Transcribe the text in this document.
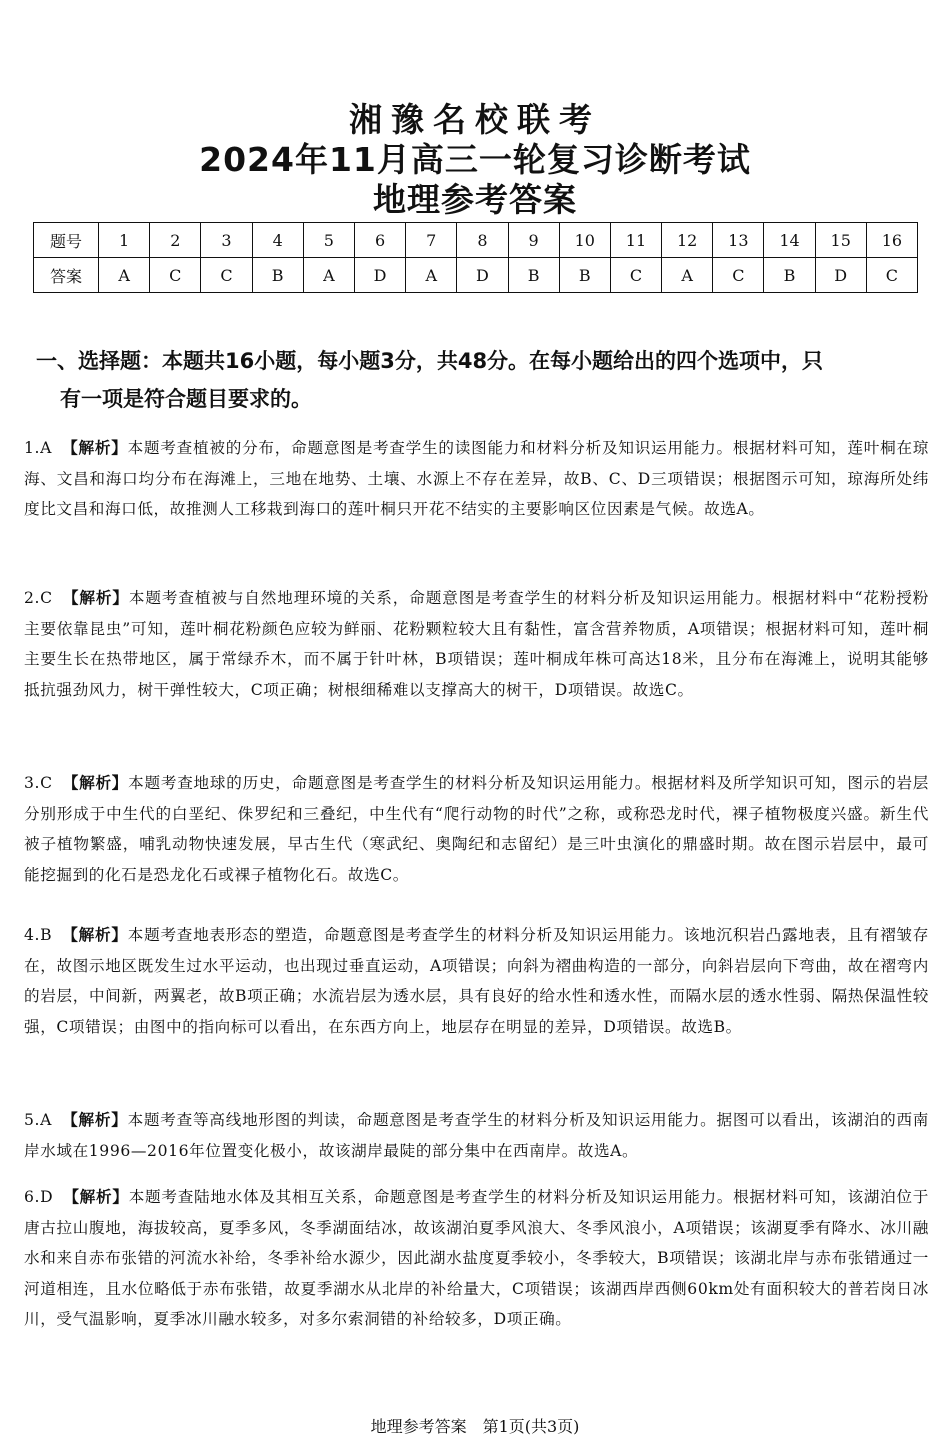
湘豫名校联考
2024年11月高三一轮复习诊断考试
地理参考答案
题号	1	2	3	4	5	6	7	8	9	10	11	12	13	14	15	16
答案	A	C	C	B	A	D	A	D	B	B	C	A	C	B	D	C
一、选择题：本题共16小题，每小题3分，共48分。在每小题给出的四个选项中，只
有一项是符合题目要求的。
1.A 【解析】本题考查植被的分布，命题意图是考查学生的读图能力和材料分析及知识运用能力。根据材料可知，莲叶桐在琼海、文昌和海口均分布在海滩上，三地在地势、土壤、水源上不存在差异，故B、C、D三项错误；根据图示可知，琼海所处纬度比文昌和海口低，故推测人工移栽到海口的莲叶桐只开花不结实的主要影响区位因素是气候。故选A。
2.C 【解析】本题考查植被与自然地理环境的关系，命题意图是考查学生的材料分析及知识运用能力。根据材料中“花粉授粉主要依靠昆虫”可知，莲叶桐花粉颜色应较为鲜丽、花粉颗粒较大且有黏性，富含营养物质，A项错误；根据材料可知，莲叶桐主要生长在热带地区，属于常绿乔木，而不属于针叶林，B项错误；莲叶桐成年株可高达18米，且分布在海滩上，说明其能够抵抗强劲风力，树干弹性较大，C项正确；树根细稀难以支撑高大的树干，D项错误。故选C。
3.C 【解析】本题考查地球的历史，命题意图是考查学生的材料分析及知识运用能力。根据材料及所学知识可知，图示的岩层分别形成于中生代的白垩纪、侏罗纪和三叠纪，中生代有“爬行动物的时代”之称，或称恐龙时代，裸子植物极度兴盛。新生代被子植物繁盛，哺乳动物快速发展，早古生代（寒武纪、奥陶纪和志留纪）是三叶虫演化的鼎盛时期。故在图示岩层中，最可能挖掘到的化石是恐龙化石或裸子植物化石。故选C。
4.B 【解析】本题考查地表形态的塑造，命题意图是考查学生的材料分析及知识运用能力。该地沉积岩凸露地表，且有褶皱存在，故图示地区既发生过水平运动，也出现过垂直运动，A项错误；向斜为褶曲构造的一部分，向斜岩层向下弯曲，故在褶弯内的岩层，中间新，两翼老，故B项正确；水流岩层为透水层，具有良好的给水性和透水性，而隔水层的透水性弱、隔热保温性较强，C项错误；由图中的指向标可以看出，在东西方向上，地层存在明显的差异，D项错误。故选B。
5.A 【解析】本题考查等高线地形图的判读，命题意图是考查学生的材料分析及知识运用能力。据图可以看出，该湖泊的西南岸水域在1996—2016年位置变化极小，故该湖岸最陡的部分集中在西南岸。故选A。
6.D 【解析】本题考查陆地水体及其相互关系，命题意图是考查学生的材料分析及知识运用能力。根据材料可知，该湖泊位于唐古拉山腹地，海拔较高，夏季多风，冬季湖面结冰，故该湖泊夏季风浪大、冬季风浪小，A项错误；该湖夏季有降水、冰川融水和来自赤布张错的河流水补给，冬季补给水源少，因此湖水盐度夏季较小，冬季较大，B项错误；该湖北岸与赤布张错通过一河道相连，且水位略低于赤布张错，故夏季湖水从北岸的补给量大，C项错误；该湖西岸西侧60km处有面积较大的普若岗日冰川，受气温影响，夏季冰川融水较多，对多尔索洞错的补给较多，D项正确。
地理参考答案　第1页(共3页)
